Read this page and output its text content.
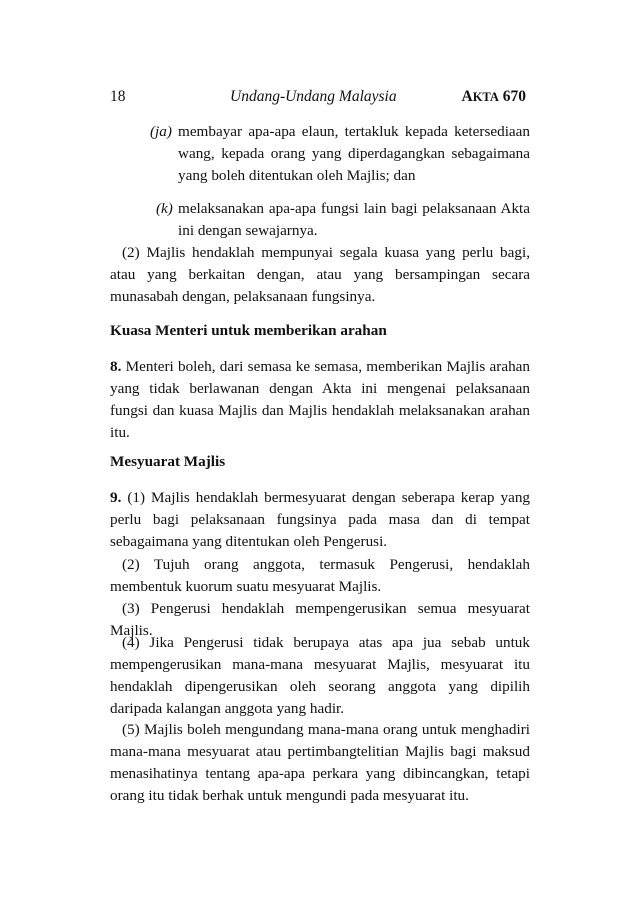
18	Undang-Undang Malaysia	AKTA 670
(ja) membayar apa-apa elaun, tertakluk kepada ketersediaan wang, kepada orang yang diperdagangkan sebagaimana yang boleh ditentukan oleh Majlis; dan
(k) melaksanakan apa-apa fungsi lain bagi pelaksanaan Akta ini dengan sewajarnya.
(2) Majlis hendaklah mempunyai segala kuasa yang perlu bagi, atau yang berkaitan dengan, atau yang bersampingan secara munasabah dengan, pelaksanaan fungsinya.
Kuasa Menteri untuk memberikan arahan
8. Menteri boleh, dari semasa ke semasa, memberikan Majlis arahan yang tidak berlawanan dengan Akta ini mengenai pelaksanaan fungsi dan kuasa Majlis dan Majlis hendaklah melaksanakan arahan itu.
Mesyuarat Majlis
9. (1) Majlis hendaklah bermesyuarat dengan seberapa kerap yang perlu bagi pelaksanaan fungsinya pada masa dan di tempat sebagaimana yang ditentukan oleh Pengerusi.
(2) Tujuh orang anggota, termasuk Pengerusi, hendaklah membentuk kuorum suatu mesyuarat Majlis.
(3) Pengerusi hendaklah mempengerusikan semua mesyuarat Majlis.
(4) Jika Pengerusi tidak berupaya atas apa jua sebab untuk mempengerusikan mana-mana mesyuarat Majlis, mesyuarat itu hendaklah dipengerusikan oleh seorang anggota yang dipilih daripada kalangan anggota yang hadir.
(5) Majlis boleh mengundang mana-mana orang untuk menghadiri mana-mana mesyuarat atau pertimbangtelitian Majlis bagi maksud menasihatinya tentang apa-apa perkara yang dibincangkan, tetapi orang itu tidak berhak untuk mengundi pada mesyuarat itu.
